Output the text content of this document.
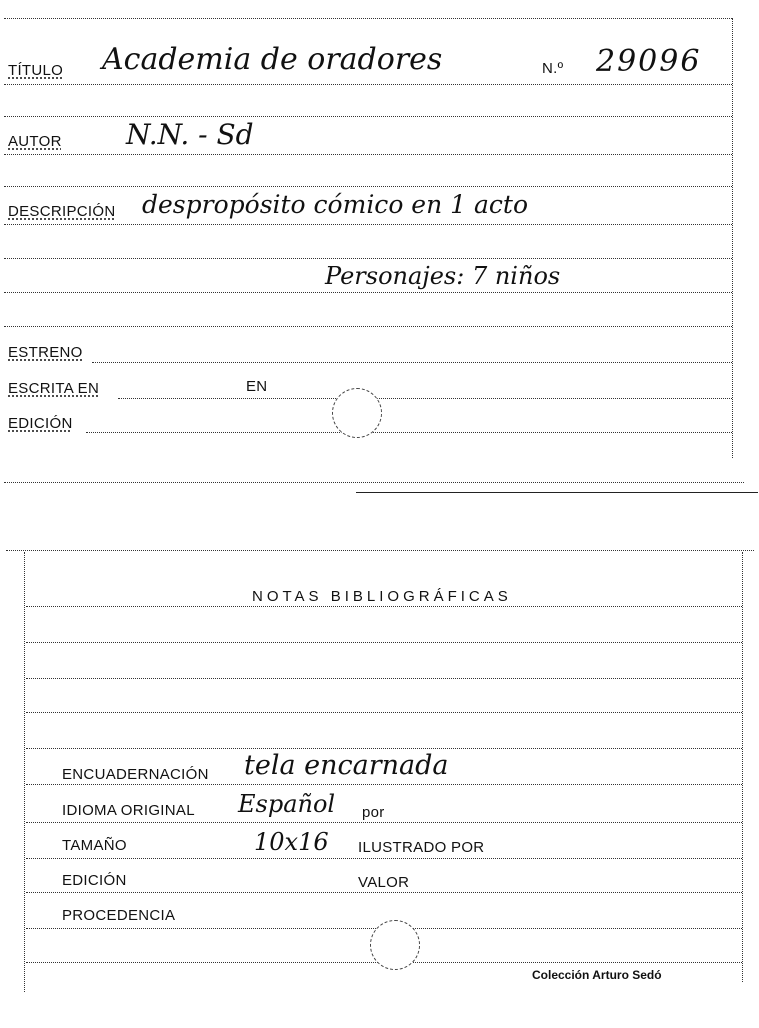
TÍTULO Academia de oradores	N.º 29096
AUTOR N.N. - Sd
DESCRIPCIÓN despropósito cómico en 1 acto
Personajes: 7 niños
ESTRENO
ESCRITA EN	EN
EDICIÓN
NOTAS BIBLIOGRÁFICAS
ENCUADERNACIÓN tela encarnada
IDIOMA ORIGINAL Español por
TAMAÑO	10x16 ILUSTRADO POR
EDICIÓN	VALOR
PROCEDENCIA
Colección Arturo Sedó
